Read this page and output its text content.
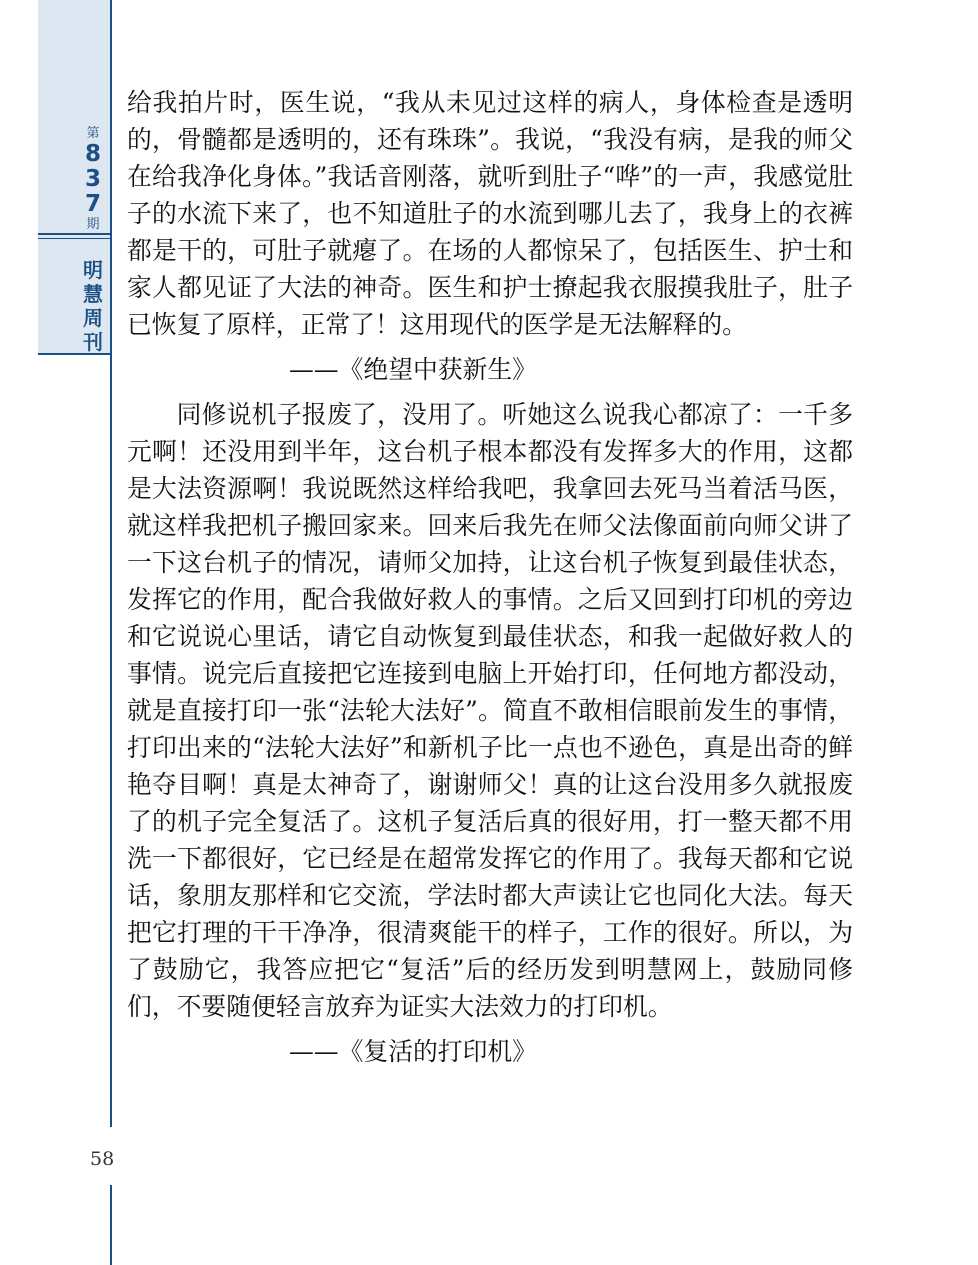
第
8
3
7
期
明
慧
周
刊

给我拍片时，医生说，“我从未见过这样的病人，身体检查是透明的，骨髓都是透明的，还有珠珠”。我说，“我没有病，是我的师父在给我净化身体。”我话音刚落，就听到肚子“哗”的一声，我感觉肚子的水流下来了，也不知道肚子的水流到哪儿去了，我身上的衣裤都是干的，可肚子就瘪了。在场的人都惊呆了，包括医生、护士和家人都见证了大法的神奇。医生和护士撩起我衣服摸我肚子，肚子已恢复了原样，正常了！这用现代的医学是无法解释的。

——《绝望中获新生》

同修说机子报废了，没用了。听她这么说我心都凉了：一千多元啊！还没用到半年，这台机子根本都没有发挥多大的作用，这都是大法资源啊！我说既然这样给我吧，我拿回去死马当着活马医，就这样我把机子搬回家来。回来后我先在师父法像面前向师父讲了一下这台机子的情况，请师父加持，让这台机子恢复到最佳状态，发挥它的作用，配合我做好救人的事情。之后又回到打印机的旁边和它说说心里话，请它自动恢复到最佳状态，和我一起做好救人的事情。说完后直接把它连接到电脑上开始打印，任何地方都没动，就是直接打印一张“法轮大法好”。简直不敢相信眼前发生的事情，打印出来的“法轮大法好”和新机子比一点也不逊色，真是出奇的鲜艳夺目啊！真是太神奇了，谢谢师父！真的让这台没用多久就报废了的机子完全复活了。这机子复活后真的很好用，打一整天都不用洗一下都很好，它已经是在超常发挥它的作用了。我每天都和它说话，象朋友那样和它交流，学法时都大声读让它也同化大法。每天把它打理的干干净净，很清爽能干的样子，工作的很好。所以，为了鼓励它，我答应把它“复活”后的经历发到明慧网上，鼓励同修们，不要随便轻言放弃为证实大法效力的打印机。

——《复活的打印机》

58
